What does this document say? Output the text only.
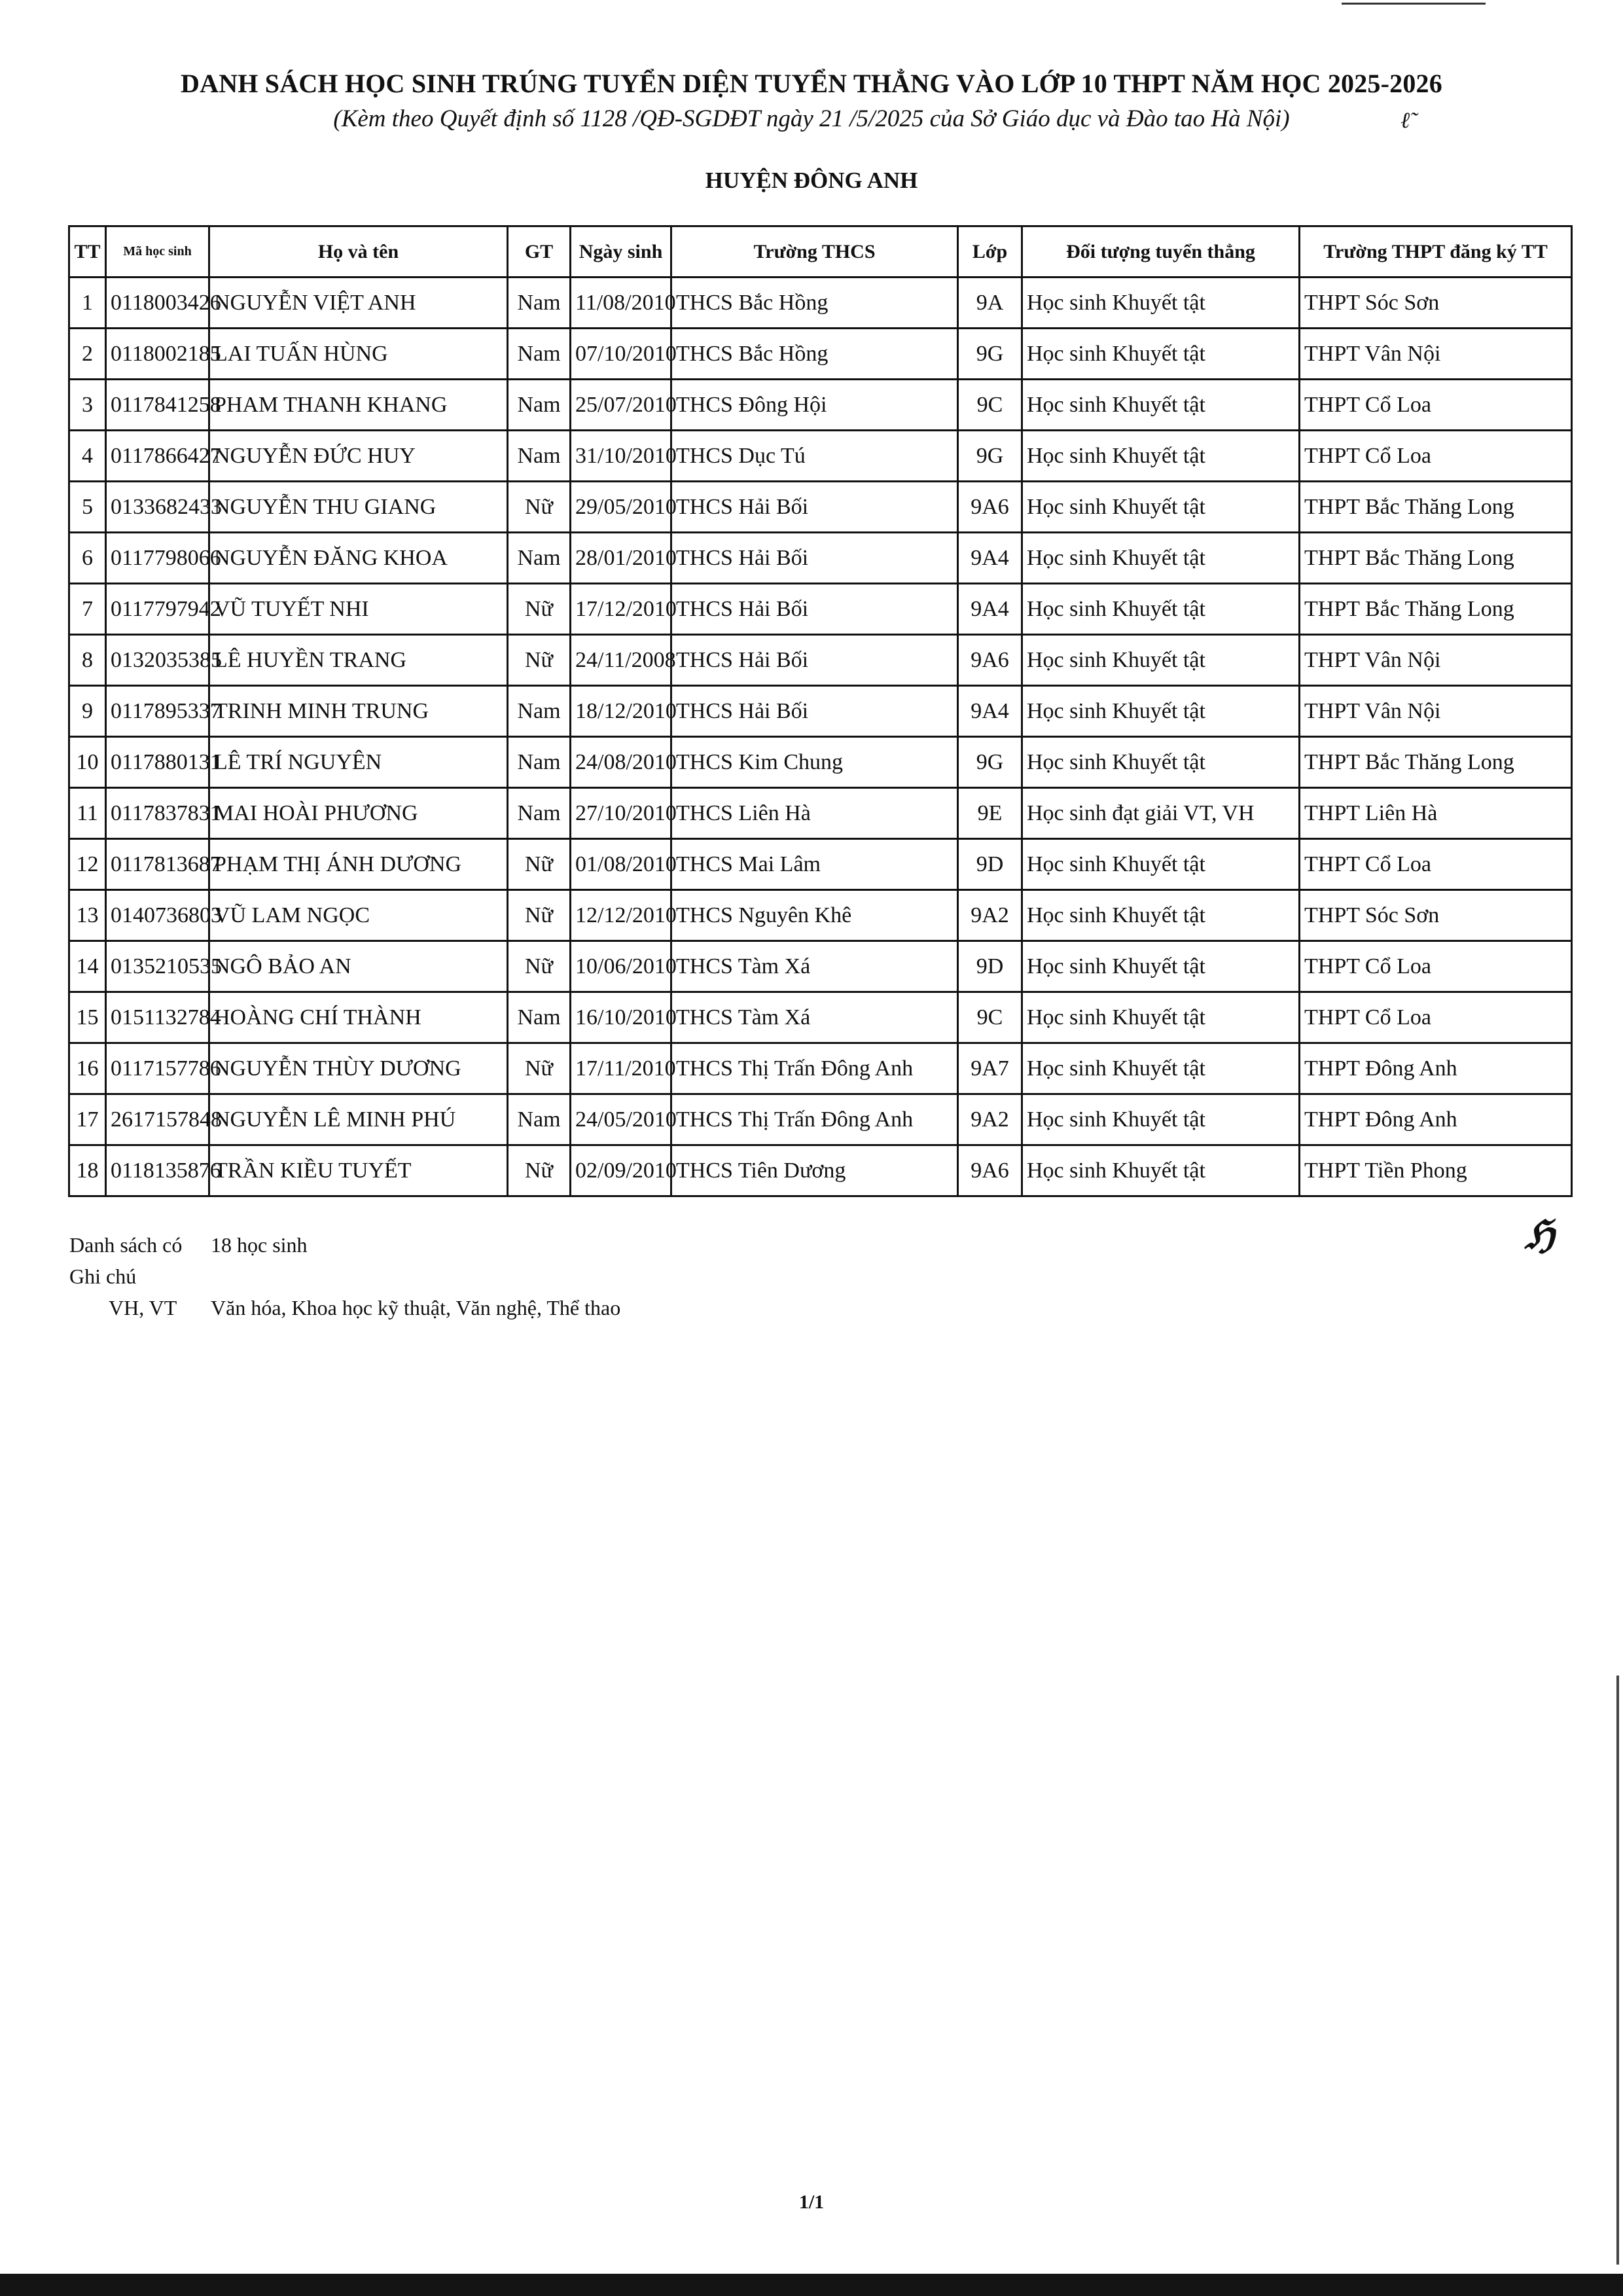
DANH SÁCH HỌC SINH TRÚNG TUYỂN DIỆN TUYỂN THẲNG VÀO LỚP 10 THPT NĂM HỌC 2025-2026
(Kèm theo Quyết định số 1128 /QĐ-SGDĐT ngày 21 /5/2025 của Sở Giáo dục và Đào tao Hà Nội)	ℓ̃
HUYỆN ĐÔNG ANH
TT	Mã học sinh	Họ và tên	GT	Ngày sinh	Trường THCS	Lớp	Đối tượng tuyển thẳng	Trường THPT đăng ký TT
1	0118003426	NGUYỄN VIỆT ANH	Nam	11/08/2010	THCS Bắc Hồng	9A	Học sinh Khuyết tật	THPT Sóc Sơn
2	0118002185	LAI TUẤN HÙNG	Nam	07/10/2010	THCS Bắc Hồng	9G	Học sinh Khuyết tật	THPT Vân Nội
3	0117841258	PHAM THANH KHANG	Nam	25/07/2010	THCS Đông Hội	9C	Học sinh Khuyết tật	THPT Cổ Loa
4	0117866427	NGUYỄN ĐỨC HUY	Nam	31/10/2010	THCS Dục Tú	9G	Học sinh Khuyết tật	THPT Cổ Loa
5	0133682433	NGUYỄN THU GIANG	Nữ	29/05/2010	THCS Hải Bối	9A6	Học sinh Khuyết tật	THPT Bắc Thăng Long
6	0117798066	NGUYỄN ĐĂNG KHOA	Nam	28/01/2010	THCS Hải Bối	9A4	Học sinh Khuyết tật	THPT Bắc Thăng Long
7	0117797942	VŨ TUYẾT NHI	Nữ	17/12/2010	THCS Hải Bối	9A4	Học sinh Khuyết tật	THPT Bắc Thăng Long
8	0132035385	LÊ HUYỀN TRANG	Nữ	24/11/2008	THCS Hải Bối	9A6	Học sinh Khuyết tật	THPT Vân Nội
9	0117895337	TRINH MINH TRUNG	Nam	18/12/2010	THCS Hải Bối	9A4	Học sinh Khuyết tật	THPT Vân Nội
10	0117880131	LÊ TRÍ NGUYÊN	Nam	24/08/2010	THCS Kim Chung	9G	Học sinh Khuyết tật	THPT Bắc Thăng Long
11	0117837831	MAI HOÀI PHƯƠNG	Nam	27/10/2010	THCS Liên Hà	9E	Học sinh đạt giải VT, VH	THPT Liên Hà
12	0117813687	PHẠM THỊ ÁNH DƯƠNG	Nữ	01/08/2010	THCS Mai Lâm	9D	Học sinh Khuyết tật	THPT Cổ Loa
13	0140736803	VŨ LAM NGỌC	Nữ	12/12/2010	THCS Nguyên Khê	9A2	Học sinh Khuyết tật	THPT Sóc Sơn
14	0135210535	NGÔ BẢO AN	Nữ	10/06/2010	THCS Tàm Xá	9D	Học sinh Khuyết tật	THPT Cổ Loa
15	0151132784	HOÀNG CHÍ THÀNH	Nam	16/10/2010	THCS Tàm Xá	9C	Học sinh Khuyết tật	THPT Cổ Loa
16	0117157786	NGUYỄN THÙY DƯƠNG	Nữ	17/11/2010	THCS Thị Trấn Đông Anh	9A7	Học sinh Khuyết tật	THPT Đông Anh
17	2617157848	NGUYỄN LÊ MINH PHÚ	Nam	24/05/2010	THCS Thị Trấn Đông Anh	9A2	Học sinh Khuyết tật	THPT Đông Anh
18	0118135876	TRẦN KIỀU TUYẾT	Nữ	02/09/2010	THCS Tiên Dương	9A6	Học sinh Khuyết tật	THPT Tiền Phong
Danh sách có 18 học sinh
Ghi chú
VH, VT Văn hóa, Khoa học kỹ thuật, Văn nghệ, Thể thao
ℌ
1/1
